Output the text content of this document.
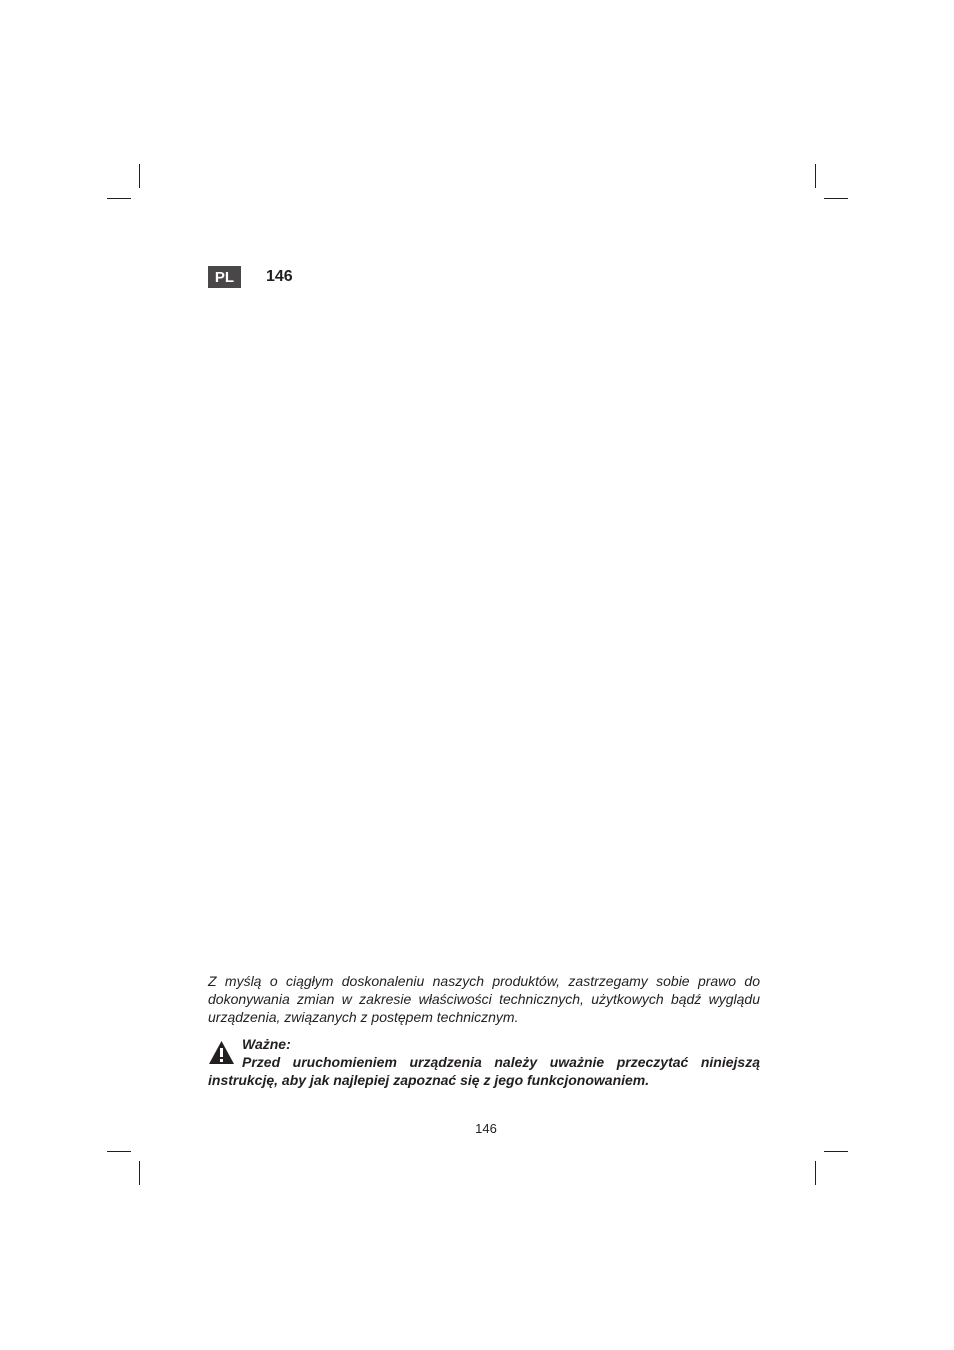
PL	146

Z myślą o ciągłym doskonaleniu naszych produktów, zastrzegamy sobie prawo do dokonywania zmian w zakresie właściwości technicznych, użytkowych bądź wyglądu urządzenia, związanych z postępem technicznym.

Ważne:

Przed uruchomieniem urządzenia należy uważnie przeczytać niniejszą instrukcję, aby jak najlepiej zapoznać się z jego funkcjonowaniem.

146
